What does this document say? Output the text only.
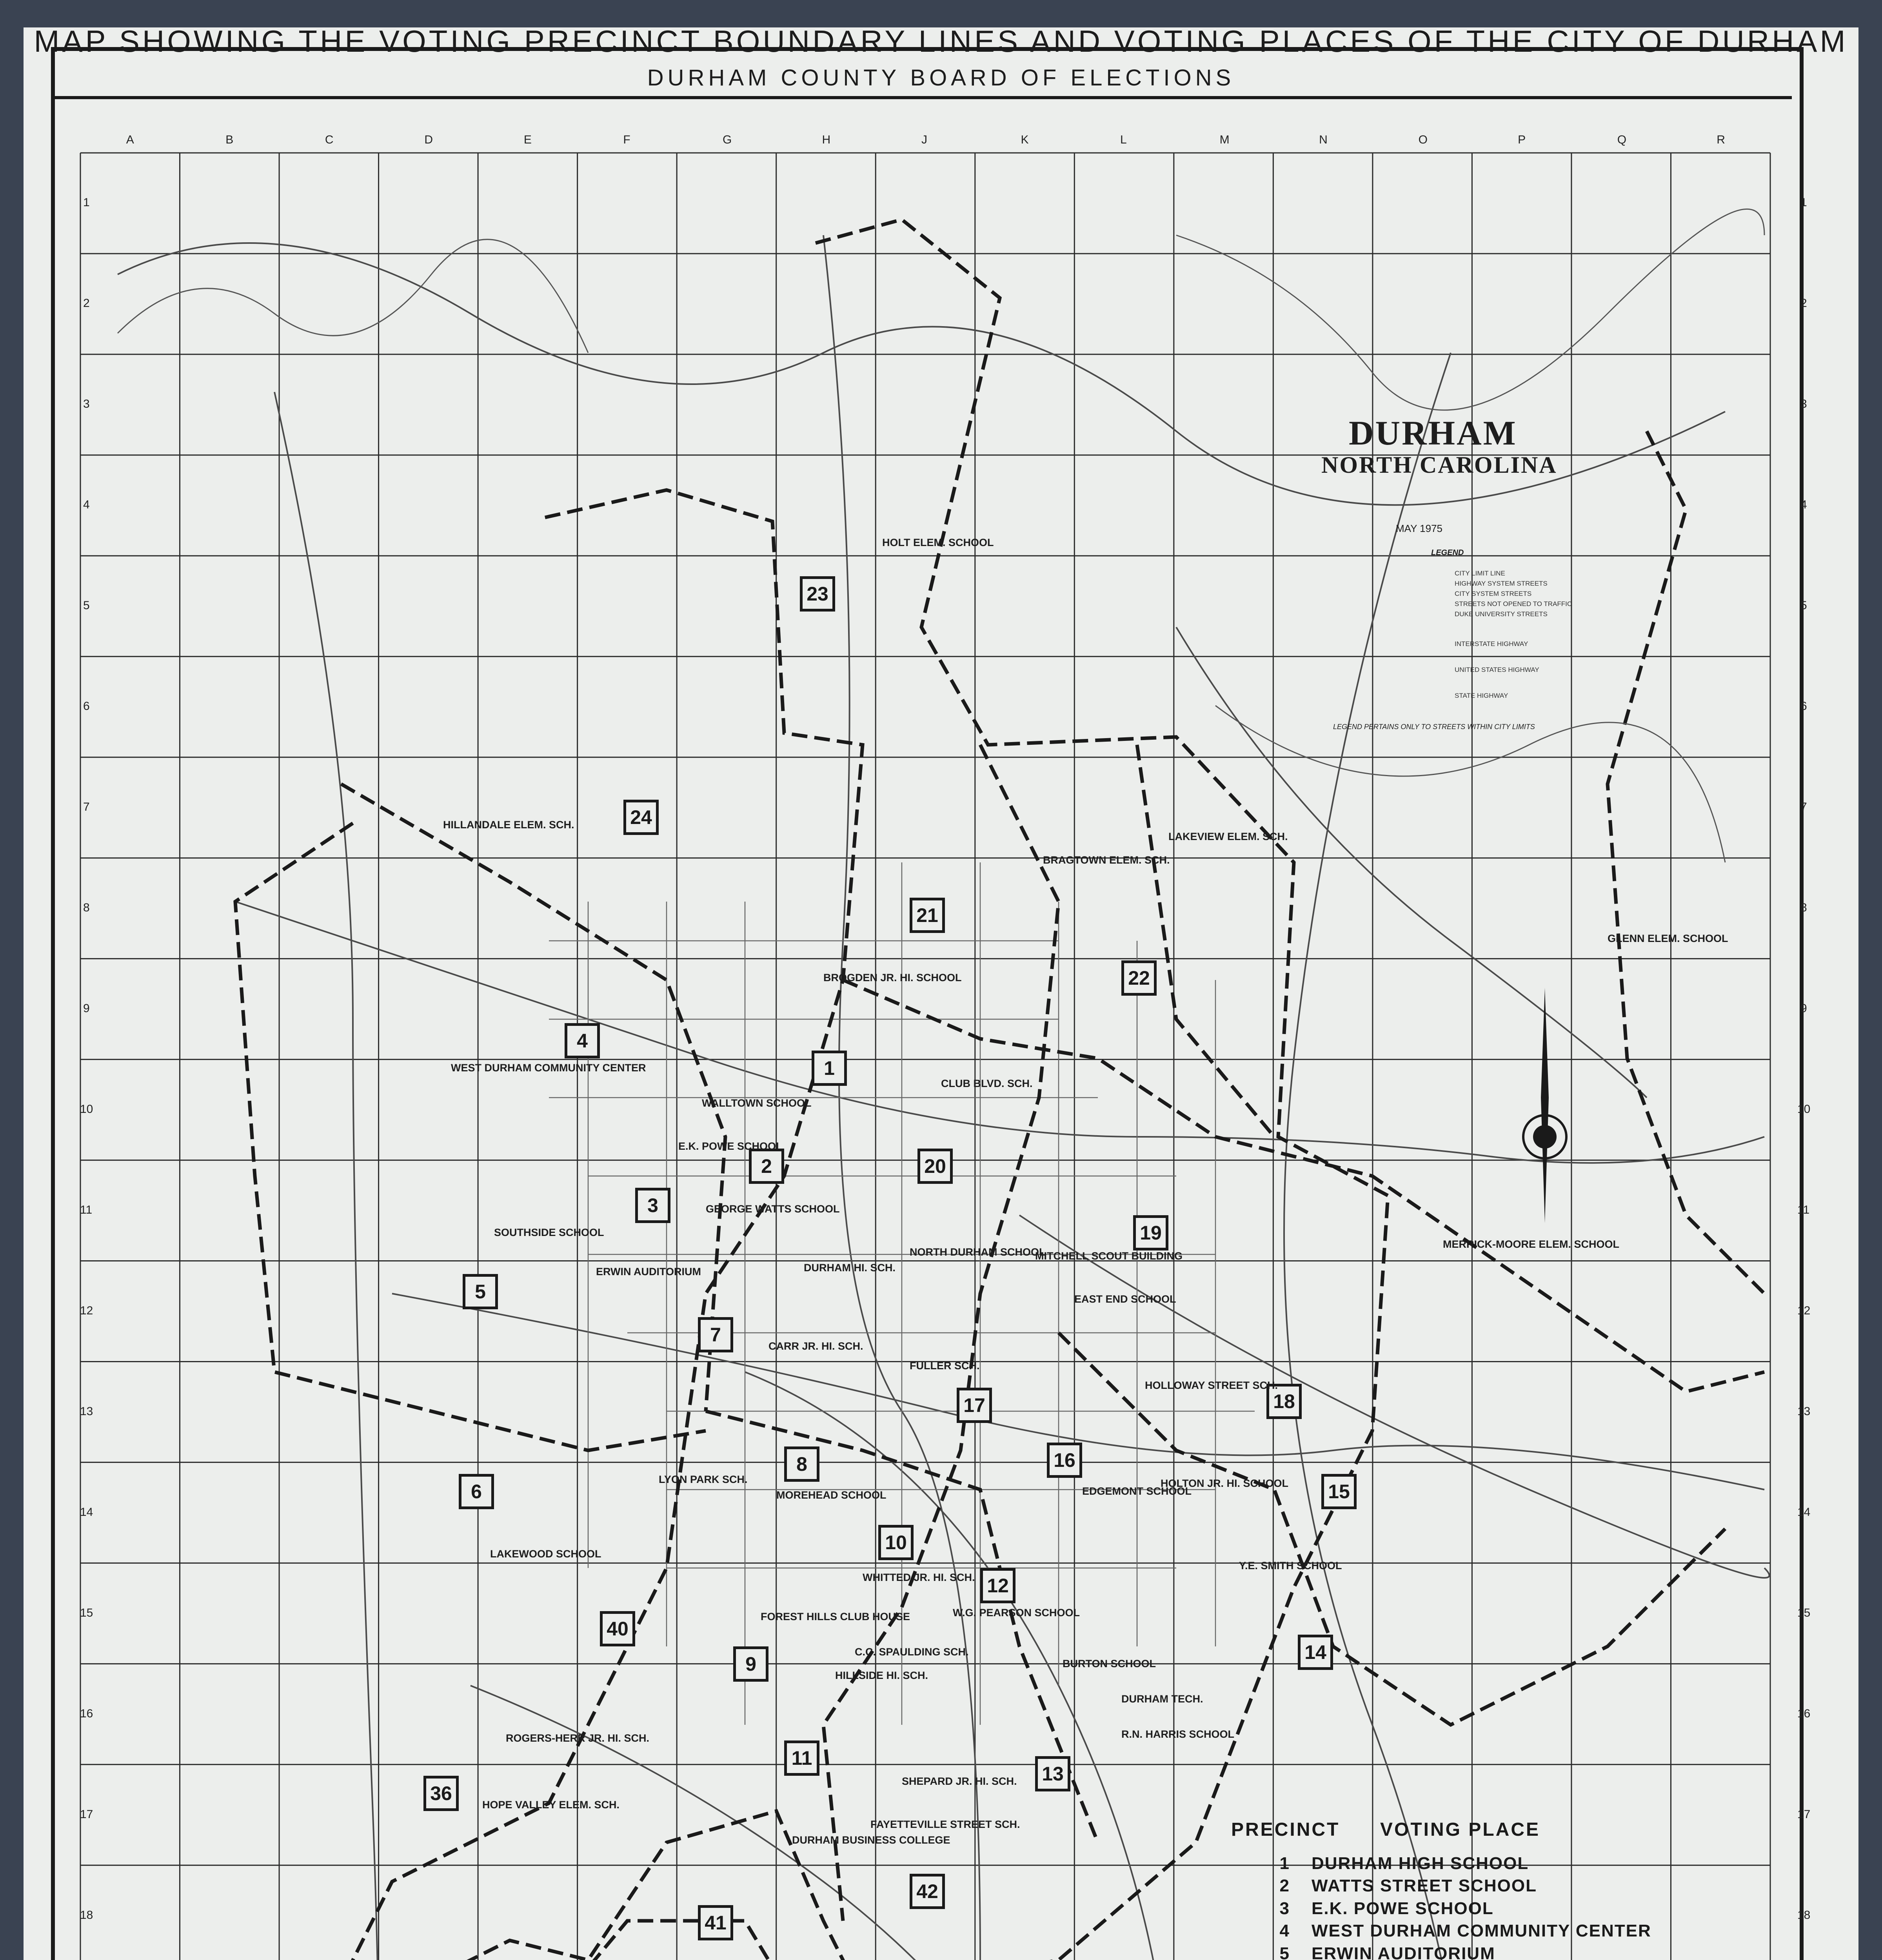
MAP SHOWING THE VOTING PRECINCT BOUNDARY LINES AND VOTING PLACES OF THE CITY OF DURHAM
DURHAM COUNTY BOARD OF ELECTIONS
DURHAM
NORTH CAROLINA
MAY 1975
LEGEND
CITY LIMIT LINE
HIGHWAY SYSTEM STREETS
CITY SYSTEM STREETS
STREETS NOT OPENED TO TRAFFIC
DUKE UNIVERSITY STREETS
INTERSTATE HIGHWAY
UNITED STATES HIGHWAY
STATE HIGHWAY
LEGEND PERTAINS ONLY TO STREETS WITHIN CITY LIMITS
A	B	C	D	E	F	G	H	J	K	L	M	N	O	P	Q	R
1	1
2	2
3	3
4	4
5	5
6	6
7	7
8	8
9	9
10	10
11	11
12	12
13	13
14	14
15	15
16	16
17	17
18	18
23
24
21
22
4
1
20
2
3
19
5
7
18
17
16
15
6
8
10
12
14
40
9
11
13
36
42
41
HOLT ELEM. SCHOOL
HILLANDALE ELEM. SCH.
BRAGTOWN ELEM. SCH.
LAKEVIEW ELEM. SCH.
GLENN ELEM. SCHOOL
BROGDEN JR. HI. SCHOOL
WEST DURHAM COMMUNITY CENTER
WALLTOWN SCHOOL
CLUB BLVD. SCH.
E.K. POWE SCHOOL
GEORGE WATTS SCHOOL
SOUTHSIDE SCHOOL
ERWIN AUDITORIUM	DURHAM HI. SCH.
NORTH DURHAM SCHOOL
MITCHELL SCOUT BUILDING
MERRICK-MOORE ELEM. SCHOOL
EAST END SCHOOL
CARR JR. HI. SCH.
FULLER SCH.
HOLLOWAY STREET SCH.
LYON PARK SCH.
MOREHEAD SCHOOL	EDGEMONT SCHOOL
HOLTON JR. HI. SCHOOL
LAKEWOOD SCHOOL
WHITTED JR. HI. SCH.
Y.E. SMITH SCHOOL
FOREST HILLS CLUB HOUSE	W.G. PEARSON SCHOOL
C.C. SPAULDING SCH.
HILLSIDE HI. SCH.
BURTON SCHOOL
DURHAM TECH.
R.N. HARRIS SCHOOL
ROGERS-HERR JR. HI. SCH.
HOPE VALLEY ELEM. SCH.
SHEPARD JR. HI. SCH.
FAYETTEVILLE STREET SCH.
DURHAM BUSINESS COLLEGE	PRECINCT VOTING PLACE
1 DURHAM HIGH SCHOOL
2 WATTS STREET SCHOOL
3 E.K. POWE SCHOOL
4 WEST DURHAM COMMUNITY CENTER
5 ERWIN AUDITORIUM
